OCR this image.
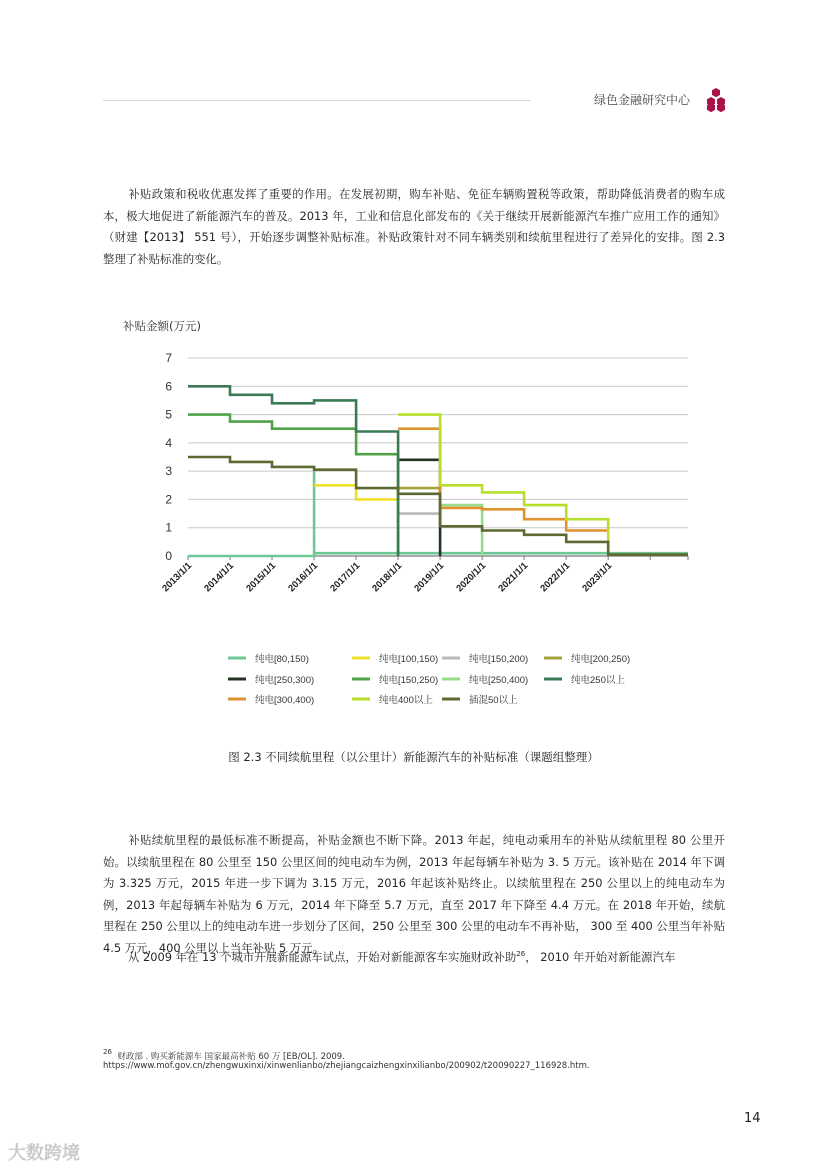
绿色金融研究中心

补贴政策和税收优惠发挥了重要的作用。在发展初期，购车补贴、免征车辆购置税等政策，帮助降低消费者的购车成本，极大地促进了新能源汽车的普及。2013 年，工业和信息化部发布的《关于继续开展新能源汽车推广应用工作的通知》（财建【2013】 551 号），开始逐步调整补贴标准。补贴政策针对不同车辆类别和续航里程进行了差异化的安排。图 2.3 整理了补贴标准的变化。

补贴金额(万元)
2013/1/1 2014/1/1 2015/1/1 2016/1/1 2017/1/1 2018/1/1 2019/1/1 2020/1/1 2021/1/1 2022/1/1 2023/1/1
0
1
2
3
4
5
6
7
纯电[80,150)	纯电[100,150)	纯电[150,200)	纯电[200,250)
纯电[250,300)	纯电[150,250)	纯电[250,400)	纯电250以上
纯电[300,400)	纯电400以上	插混50以上
图 2.3 不同续航里程（以公里计）新能源汽车的补贴标准（课题组整理）

补贴续航里程的最低标准不断提高，补贴金额也不断下降。2013 年起，纯电动乘用车的补贴从续航里程 80 公里开始。以续航里程在 80 公里至 150 公里区间的纯电动车为例，2013 年起每辆车补贴为 3. 5 万元。该补贴在 2014 年下调为 3.325 万元，2015 年进一步下调为 3.15 万元，2016 年起该补贴终止。以续航里程在 250 公里以上的纯电动车为例，2013 年起每辆车补贴为 6 万元，2014 年下降至 5.7 万元，直至 2017 年下降至 4.4 万元。在 2018 年开始，续航里程在 250 公里以上的纯电动车进一步划分了区间，250 公里至 300 公里的电动车不再补贴， 300 至 400 公里当年补贴 4.5 万元，400 公里以上当年补贴 5 万元。

从 2009 年在 13 个城市开展新能源车试点，开始对新能源客车实施财政补助$^{26}$， 2010 年开始对新能源汽车

$^{26}$ 财政部 . 购买新能源车 国家最高补贴 60 万 [EB/OL]. 2009.
https://www.mof.gov.cn/zhengwuxinxi/xinwenlianbo/zhejiangcaizhengxinxilianbo/200902/t20090227_116928.htm.
14
大数跨境
